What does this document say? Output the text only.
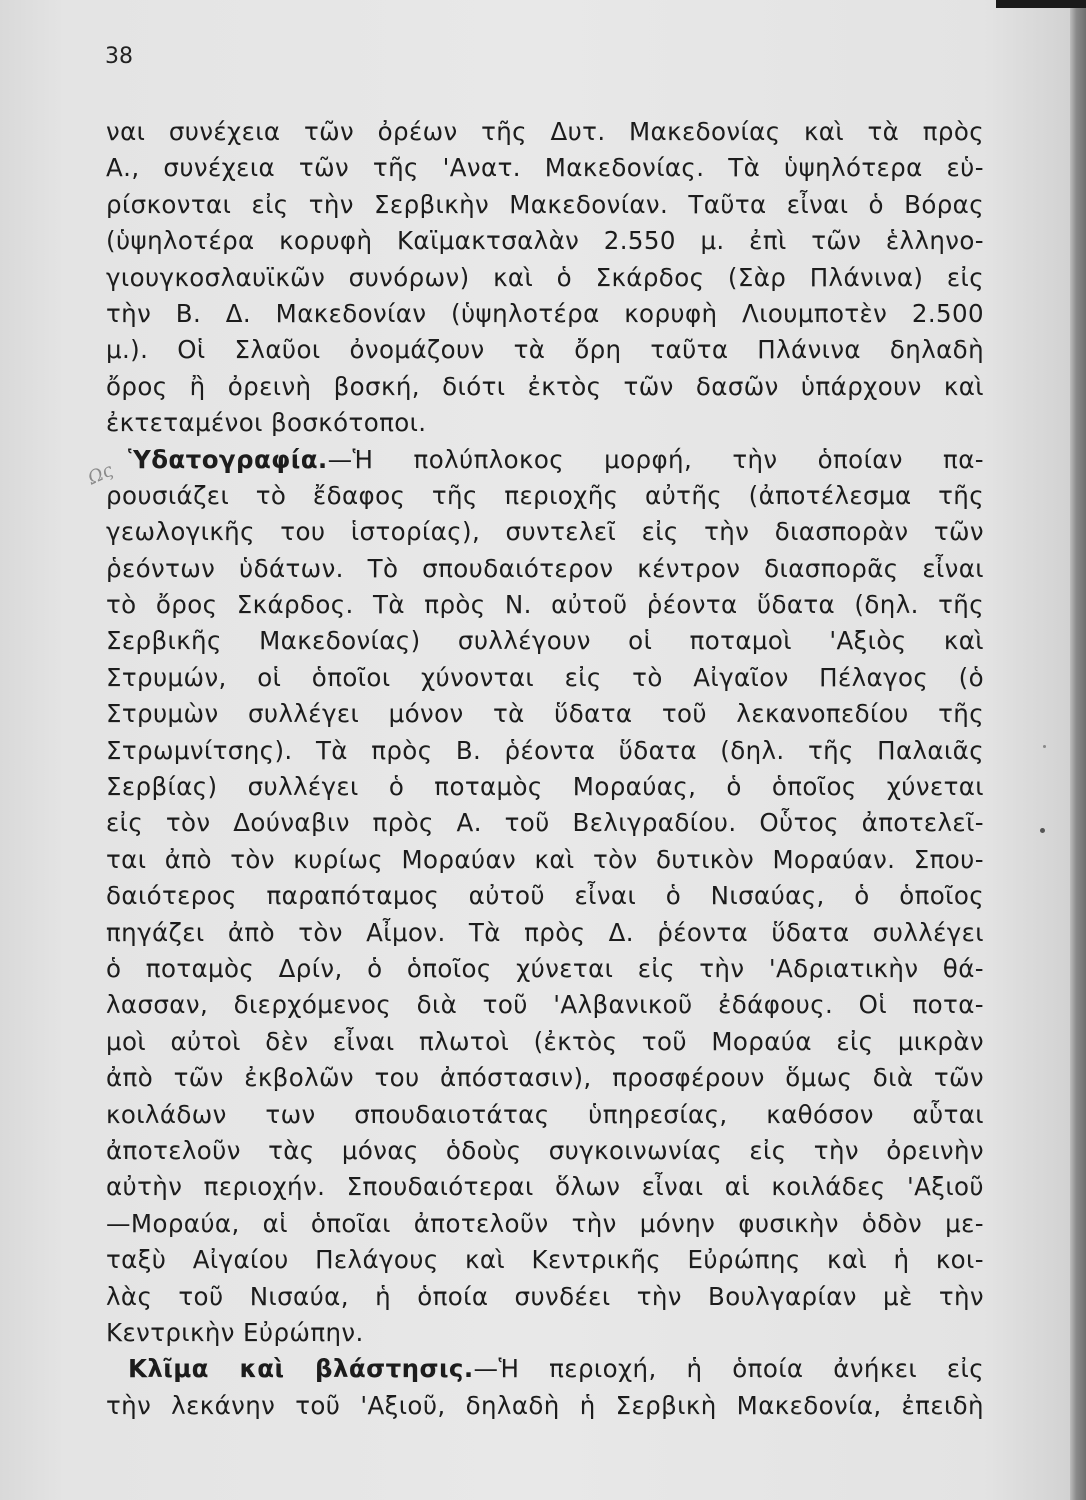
38
Ως
ναι συνέχεια τῶν ὀρέων τῆς Δυτ. Μακεδονίας καὶ τὰ πρὸς
Α., συνέχεια τῶν τῆς 'Ανατ. Μακεδονίας. Τὰ ὑψηλότερα εὑ-
ρίσκονται εἰς τὴν Σερβικὴν Μακεδονίαν. Ταῦτα εἶναι ὁ Βόρας
(ὑψηλοτέρα κορυφὴ Καϊμακτσαλὰν 2.550 μ. ἐπὶ τῶν ἑλληνο-
γιουγκοσλαυϊκῶν συνόρων) καὶ ὁ Σκάρδος (Σὰρ Πλάνινα) εἰς
τὴν Β. Δ. Μακεδονίαν (ὑψηλοτέρα κορυφὴ Λιουμποτὲν 2.500
μ.). Οἱ Σλαῦοι ὀνομάζουν τὰ ὄρη ταῦτα Πλάνινα δηλαδὴ
ὄρος ἢ ὀρεινὴ βοσκή, διότι ἐκτὸς τῶν δασῶν ὑπάρχουν καὶ
ἐκτεταμένοι βοσκότοποι.
Ὑδατογραφία.—Ἡ πολύπλοκος μορφή, τὴν ὁποίαν πα-
ρουσιάζει τὸ ἔδαφος τῆς περιοχῆς αὐτῆς (ἀποτέλεσμα τῆς
γεωλογικῆς του ἱστορίας), συντελεῖ εἰς τὴν διασπορὰν τῶν
ῥεόντων ὑδάτων. Τὸ σπουδαιότερον κέντρον διασπορᾶς εἶναι
τὸ ὄρος Σκάρδος. Τὰ πρὸς Ν. αὐτοῦ ῥέοντα ὕδατα (δηλ. τῆς
Σερβικῆς Μακεδονίας) συλλέγουν οἱ ποταμοὶ 'Αξιὸς καὶ
Στρυμών, οἱ ὁποῖοι χύνονται εἰς τὸ Αἰγαῖον Πέλαγος (ὁ
Στρυμὼν συλλέγει μόνον τὰ ὕδατα τοῦ λεκανοπεδίου τῆς
Στρωμνίτσης). Τὰ πρὸς Β. ῥέοντα ὕδατα (δηλ. τῆς Παλαιᾶς
Σερβίας) συλλέγει ὁ ποταμὸς Μοραύας, ὁ ὁποῖος χύνεται
εἰς τὸν Δούναβιν πρὸς Α. τοῦ Βελιγραδίου. Οὗτος ἀποτελεῖ-
ται ἀπὸ τὸν κυρίως Μοραύαν καὶ τὸν δυτικὸν Μοραύαν. Σπου-
δαιότερος παραπόταμος αὐτοῦ εἶναι ὁ Νισαύας, ὁ ὁποῖος
πηγάζει ἀπὸ τὸν Αἶμον. Τὰ πρὸς Δ. ῥέοντα ὕδατα συλλέγει
ὁ ποταμὸς Δρίν, ὁ ὁποῖος χύνεται εἰς τὴν 'Αδριατικὴν θά-
λασσαν, διερχόμενος διὰ τοῦ 'Αλβανικοῦ ἐδάφους. Οἱ ποτα-
μοὶ αὐτοὶ δὲν εἶναι πλωτοὶ (ἐκτὸς τοῦ Μοραύα εἰς μικρὰν
ἀπὸ τῶν ἐκβολῶν του ἀπόστασιν), προσφέρουν ὅμως διὰ τῶν
κοιλάδων των σπουδαιοτάτας ὑπηρεσίας, καθόσον αὗται
ἀποτελοῦν τὰς μόνας ὁδοὺς συγκοινωνίας εἰς τὴν ὀρεινὴν
αὐτὴν περιοχήν. Σπουδαιότεραι ὅλων εἶναι αἱ κοιλάδες 'Αξιοῦ
—Μοραύα, αἱ ὁποῖαι ἀποτελοῦν τὴν μόνην φυσικὴν ὁδὸν με-
ταξὺ Αἰγαίου Πελάγους καὶ Κεντρικῆς Εὐρώπης καὶ ἡ κοι-
λὰς τοῦ Νισαύα, ἡ ὁποία συνδέει τὴν Βουλγαρίαν μὲ τὴν
Κεντρικὴν Εὐρώπην.
Κλῖμα καὶ βλάστησις.—Ἡ περιοχή, ἡ ὁποία ἀνήκει εἰς
τὴν λεκάνην τοῦ 'Αξιοῦ, δηλαδὴ ἡ Σερβικὴ Μακεδονία, ἐπειδὴ
